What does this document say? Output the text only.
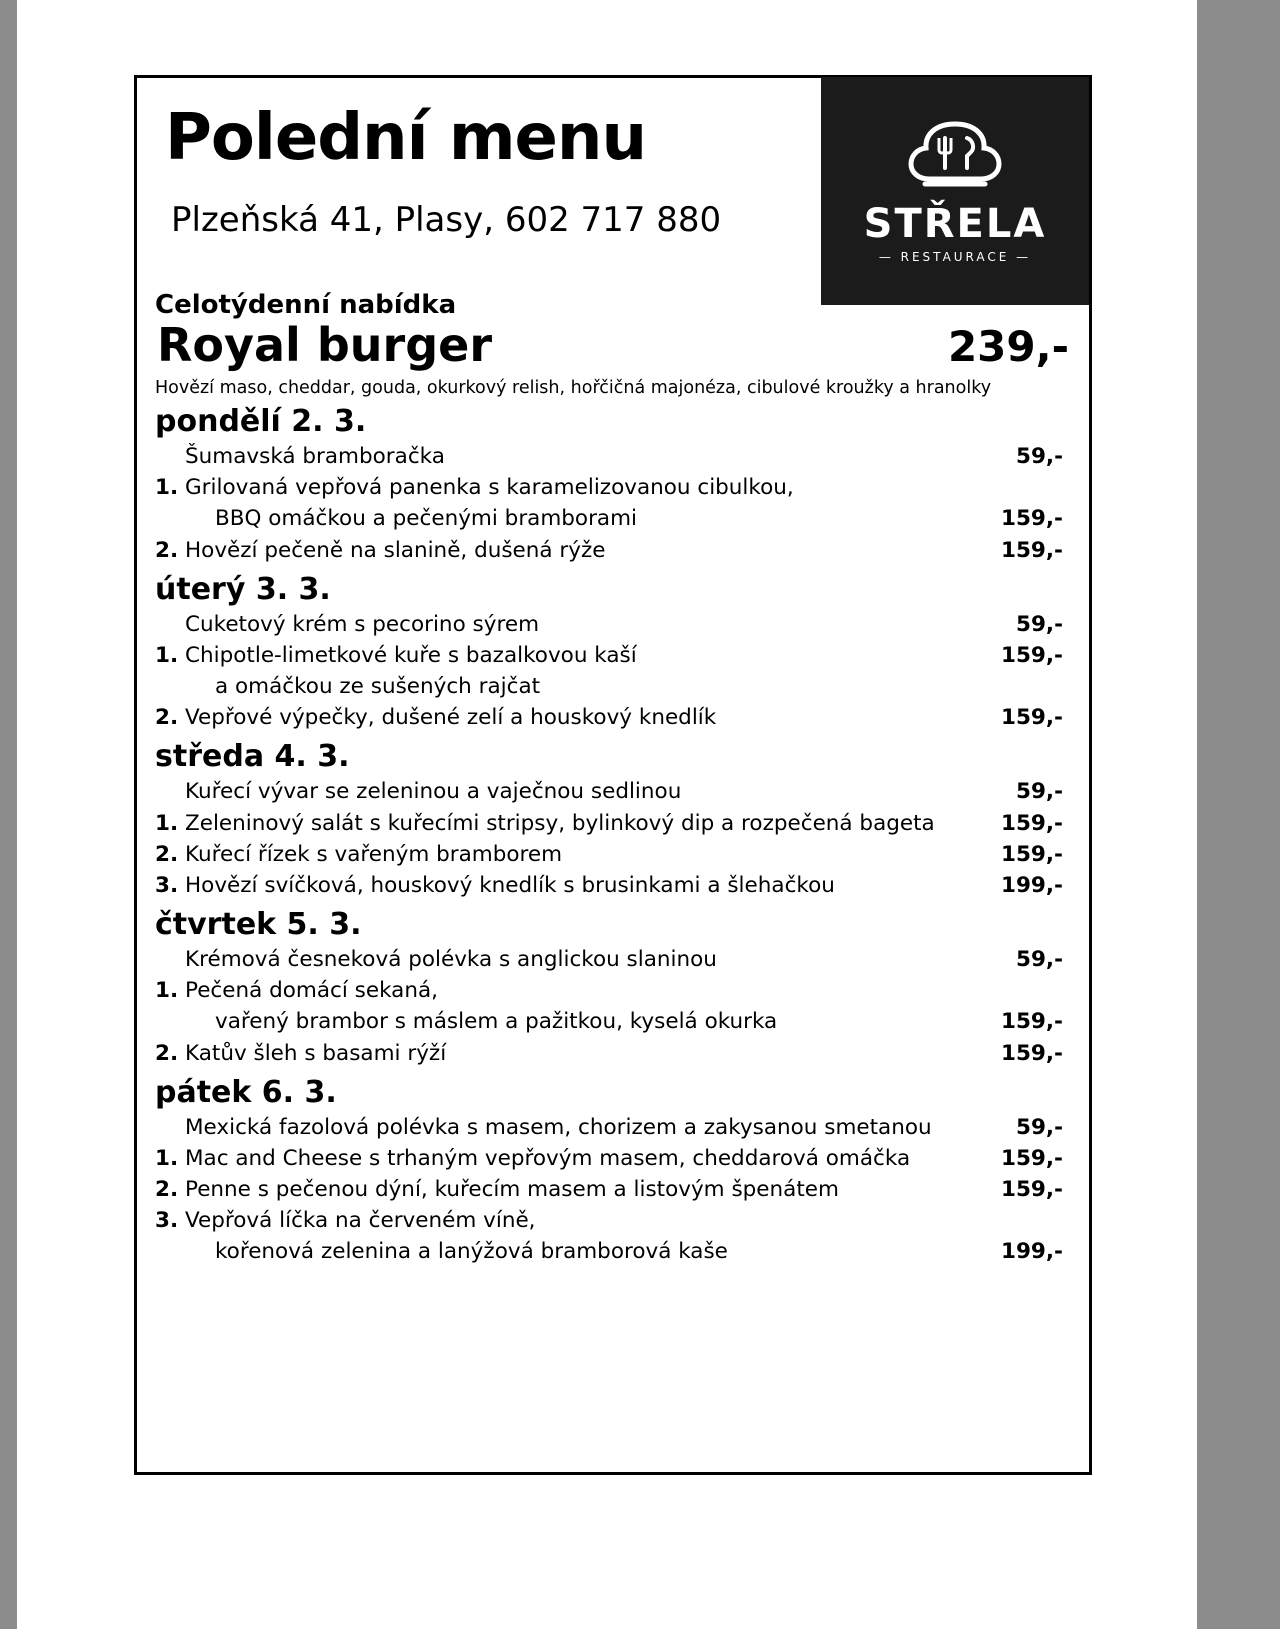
Polední menu
Plzeňská 41, Plasy, 602 717 880	STŘELA
— RESTAURACE —
Celotýdenní nabídka
Royal burger	239,-
Hovězí maso, cheddar, gouda, okurkový relish, hořčičná majonéza, cibulové kroužky a hranolky
pondělí 2. 3.
Šumavská bramboračka	59,-
1. Grilovaná vepřová panenka s karamelizovanou cibulkou,
BBQ omáčkou a pečenými bramborami	159,-
2. Hovězí pečeně na slanině, dušená rýže	159,-
úterý 3. 3.
Cuketový krém s pecorino sýrem	59,-
1. Chipotle-limetkové kuře s bazalkovou kaší	159,-
a omáčkou ze sušených rajčat
2. Vepřové výpečky, dušené zelí a houskový knedlík	159,-
středa 4. 3.
Kuřecí vývar se zeleninou a vaječnou sedlinou	59,-
1. Zeleninový salát s kuřecími stripsy, bylinkový dip a rozpečená bageta	159,-
2. Kuřecí řízek s vařeným bramborem	159,-
3. Hovězí svíčková, houskový knedlík s brusinkami a šlehačkou	199,-
čtvrtek 5. 3.
Krémová česneková polévka s anglickou slaninou	59,-
1. Pečená domácí sekaná,
vařený brambor s máslem a pažitkou, kyselá okurka	159,-
2. Katův šleh s basami rýží	159,-
pátek 6. 3.
Mexická fazolová polévka s masem, chorizem a zakysanou smetanou	59,-
1. Mac and Cheese s trhaným vepřovým masem, cheddarová omáčka	159,-
2. Penne s pečenou dýní, kuřecím masem a listovým špenátem	159,-
3. Vepřová líčka na červeném víně,
kořenová zelenina a lanýžová bramborová kaše	199,-
